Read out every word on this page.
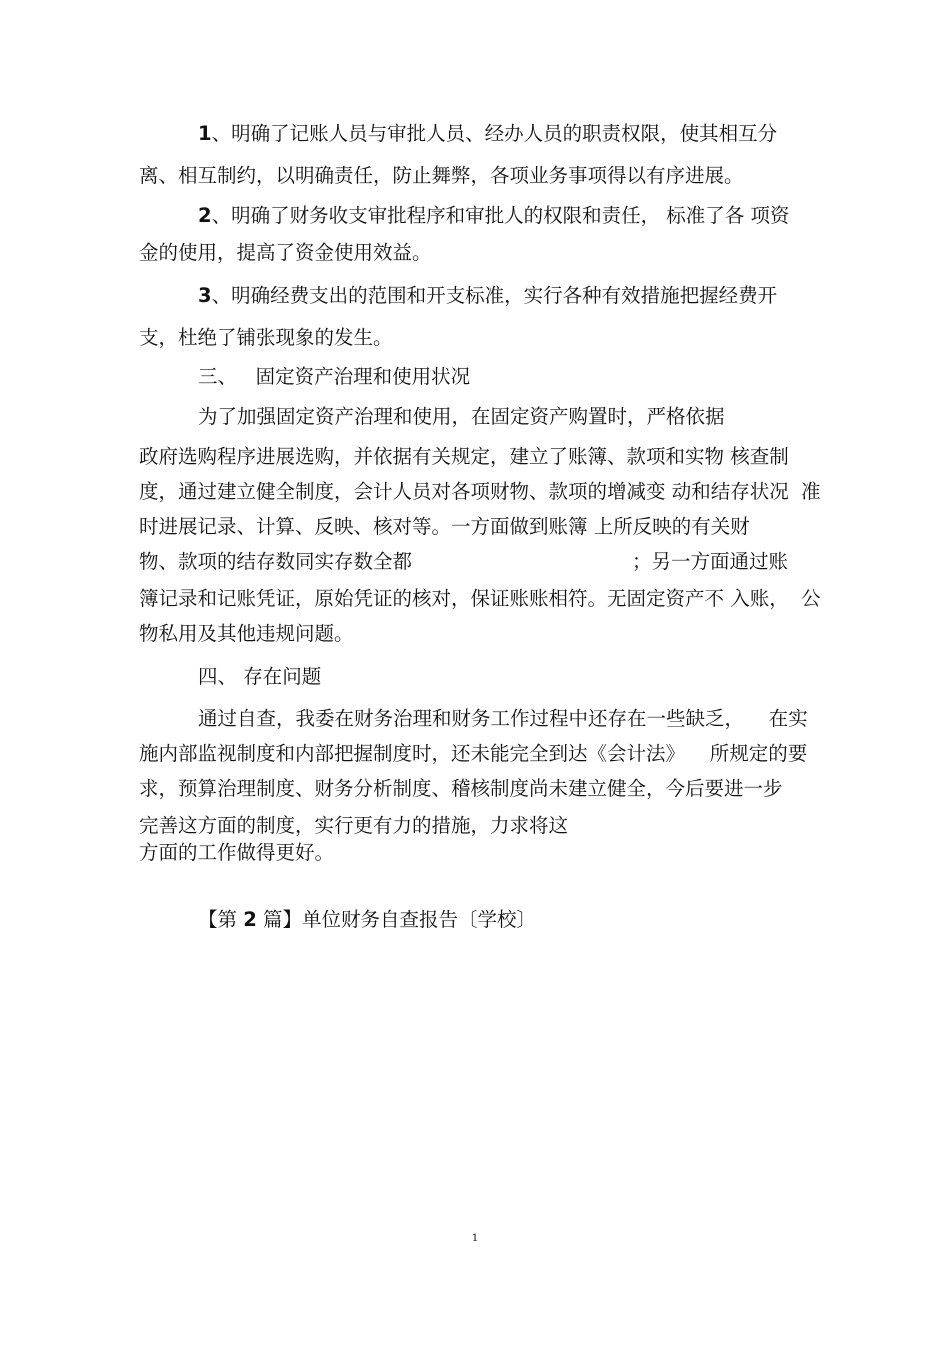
1、明确了记账人员与审批人员、经办人员的职责权限，使其相互分

离、相互制约，以明确责任，防止舞弊，各项业务事项得以有序进展。

2、明确了财务收支审批程序和审批人的权限和责任， 标准了各 项资

金的使用，提高了资金使用效益。

3、明确经费支出的范围和开支标准，实行各种有效措施把握经费开

支，杜绝了铺张现象的发生。

三、   固定资产治理和使用状况

为了加强固定资产治理和使用，在固定资产购置时，严格依据

政府选购程序进展选购，并依据有关规定，建立了账簿、款项和实物 核查制

度，通过建立健全制度，会计人员对各项财物、款项的增减变 动和结存状况  准

时进展记录、计算、反映、核对等。一方面做到账簿 上所反映的有关财

物、款项的结存数同实存数全都	；另一方面通过账

簿记录和记账凭证，原始凭证的核对，保证账账相符。无固定资产不 入账，  公

物私用及其他违规问题。

四、 存在问题

通过自查，我委在财务治理和财务工作过程中还存在一些缺乏，    在实

施内部监视制度和内部把握制度时，还未能完全到达《会计法》    所规定的要

求，预算治理制度、财务分析制度、稽核制度尚未建立健全，今后要进一步

完善这方面的制度，实行更有力的措施，力求将这

方面的工作做得更好。

【第 2 篇】单位财务自查报告〔学校〕

1
